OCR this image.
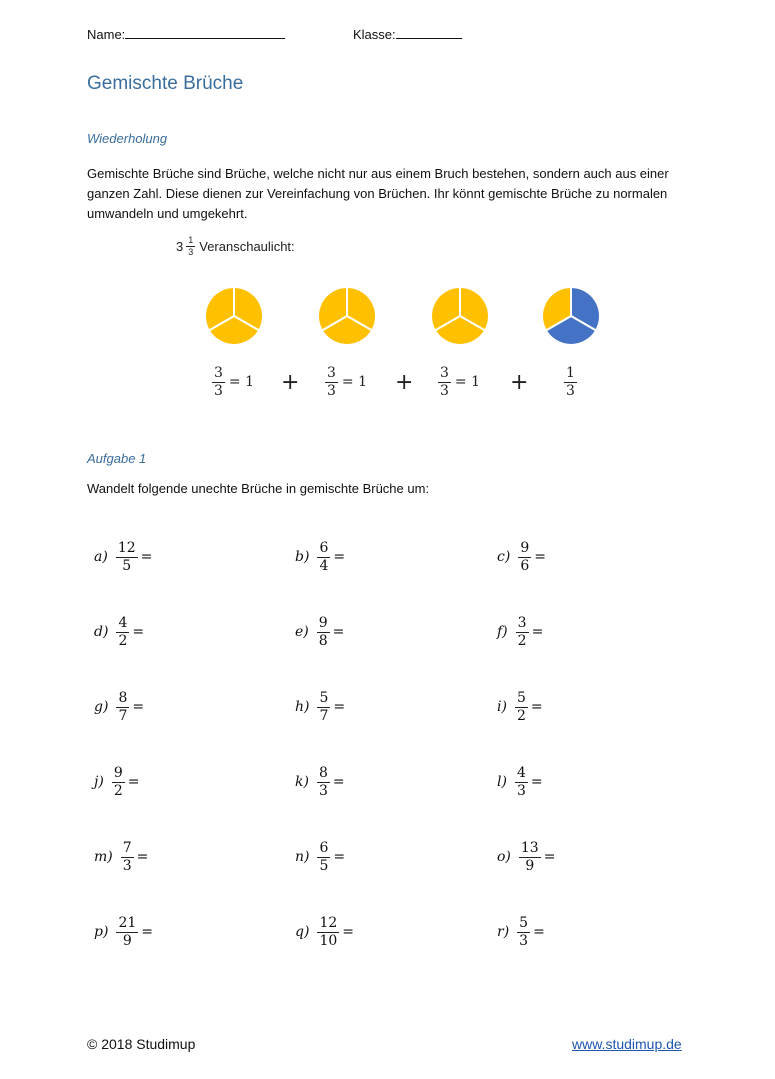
Name:	Klasse:
Gemischte Brüche
Wiederholung
Gemischte Brüche sind Brüche, welche nicht nur aus einem Bruch bestehen, sondern auch aus einer ganzen Zahl. Diese dienen zur Vereinfachung von Brüchen. Ihr könnt gemischte Brüche zu normalen umwandeln und umgekehrt.
$3 \frac{1}{3}$ Veranschaulicht:
$\frac{3}{3} = 1 + \frac{3}{3} = 1 + \frac{3}{3} = 1$ +	$\frac{1}{3}$
Aufgabe 1
Wandelt folgende unechte Brüche in gemischte Brüche um:
$a) \frac{12}{5}$ =	$b) \frac{6}{4}$ =	$c) \frac{9}{6}$ =
$d) \frac{4}{2}$ =	$e) \frac{9}{8}$ =	$f) \frac{3}{2}$ =
$g) \frac{8}{7}$ =	$h) \frac{5}{7}$ =	$i) \frac{5}{2}$ =
$j) \frac{9}{2}$ =	$k) \frac{8}{3}$ =	$l) \frac{4}{3}$ =
$m) \frac{7}{3}$ =	$n) \frac{6}{5}$ =	$o) \frac{13}{9}$ =
$p) \frac{21}{9}$ =	$q) \frac{12}{10}$ =	$r) \frac{5}{3}$ =
© 2018 Studimup	www.studimup.de
